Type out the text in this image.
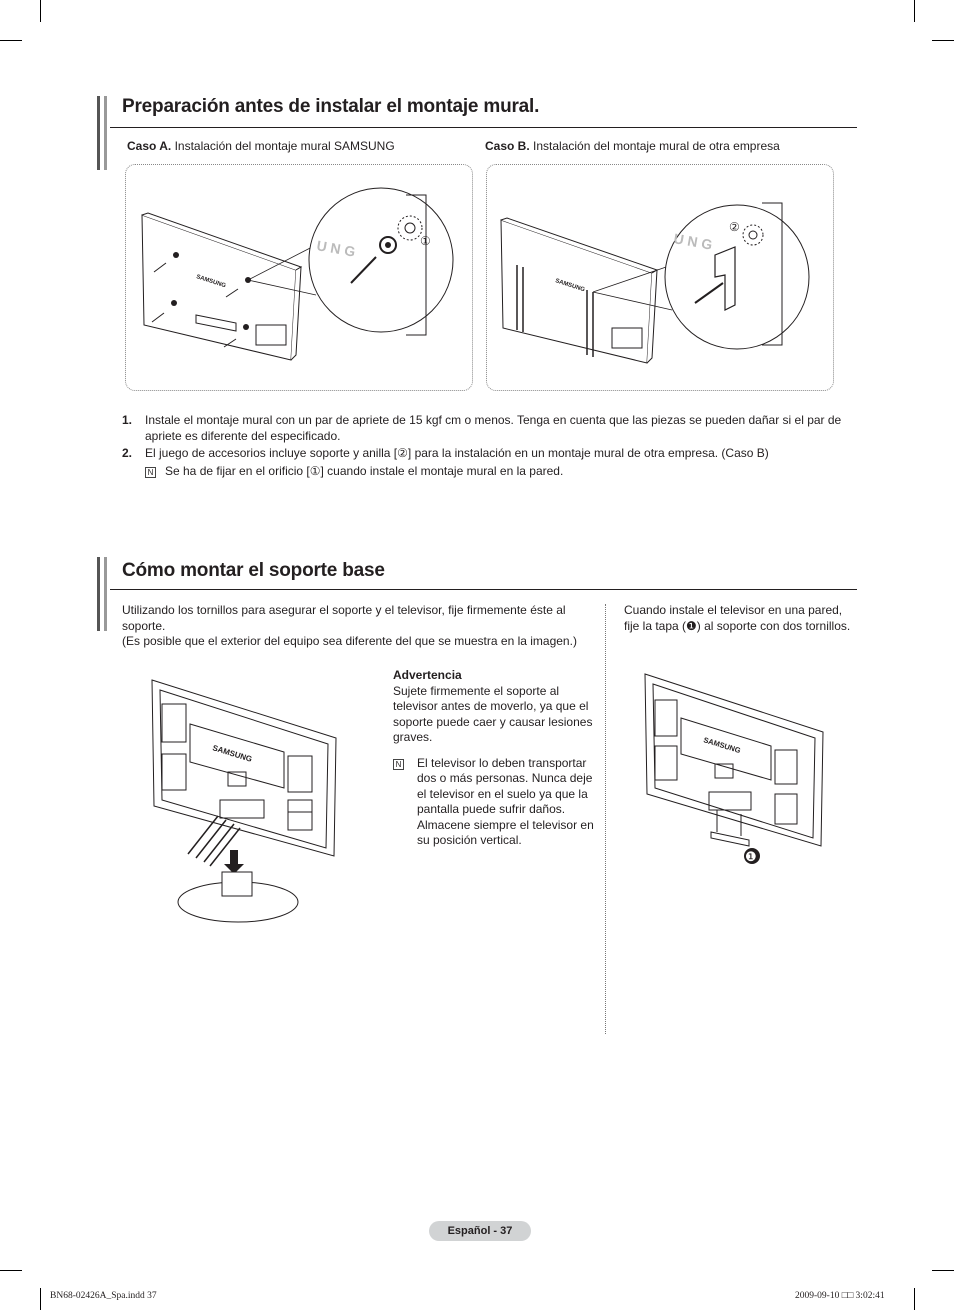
Preparación antes de instalar el montaje mural.
Caso A. Instalación del montaje mural SAMSUNG	Caso B. Instalación del montaje mural de otra empresa
SAMSUNG
U N G	①
SAMSUNG
U N G
②
1.	Instale el montaje mural con un par de apriete de 15 kgf cm o menos. Tenga en cuenta que las piezas se pueden dañar si el par de apriete es diferente del especificado.
2.	El juego de accesorios incluye soporte y anilla [②] para la instalación en un montaje mural de otra empresa. (Caso B)
N Se ha de fijar en el orificio [①] cuando instale el montaje mural en la pared.
Cómo montar el soporte base
Utilizando los tornillos para asegurar el soporte y el televisor, fije firmemente éste al soporte.
(Es posible que el exterior del equipo sea diferente del que se muestra en la imagen.)
Cuando instale el televisor en una pared, fije la tapa (❶) al soporte con dos tornillos.
Advertencia
Sujete firmemente el soporte al televisor antes de moverlo, ya que el soporte puede caer y causar lesiones graves.
N El televisor lo deben transportar dos o más personas. Nunca deje el televisor en el suelo ya que la pantalla puede sufrir daños. Almacene siempre el televisor en su posición vertical.
SAMSUNG	SAMSUNG
❶
Español - 37
BN68-02426A_Spa.indd 37	2009-09-10 □□ 3:02:41
